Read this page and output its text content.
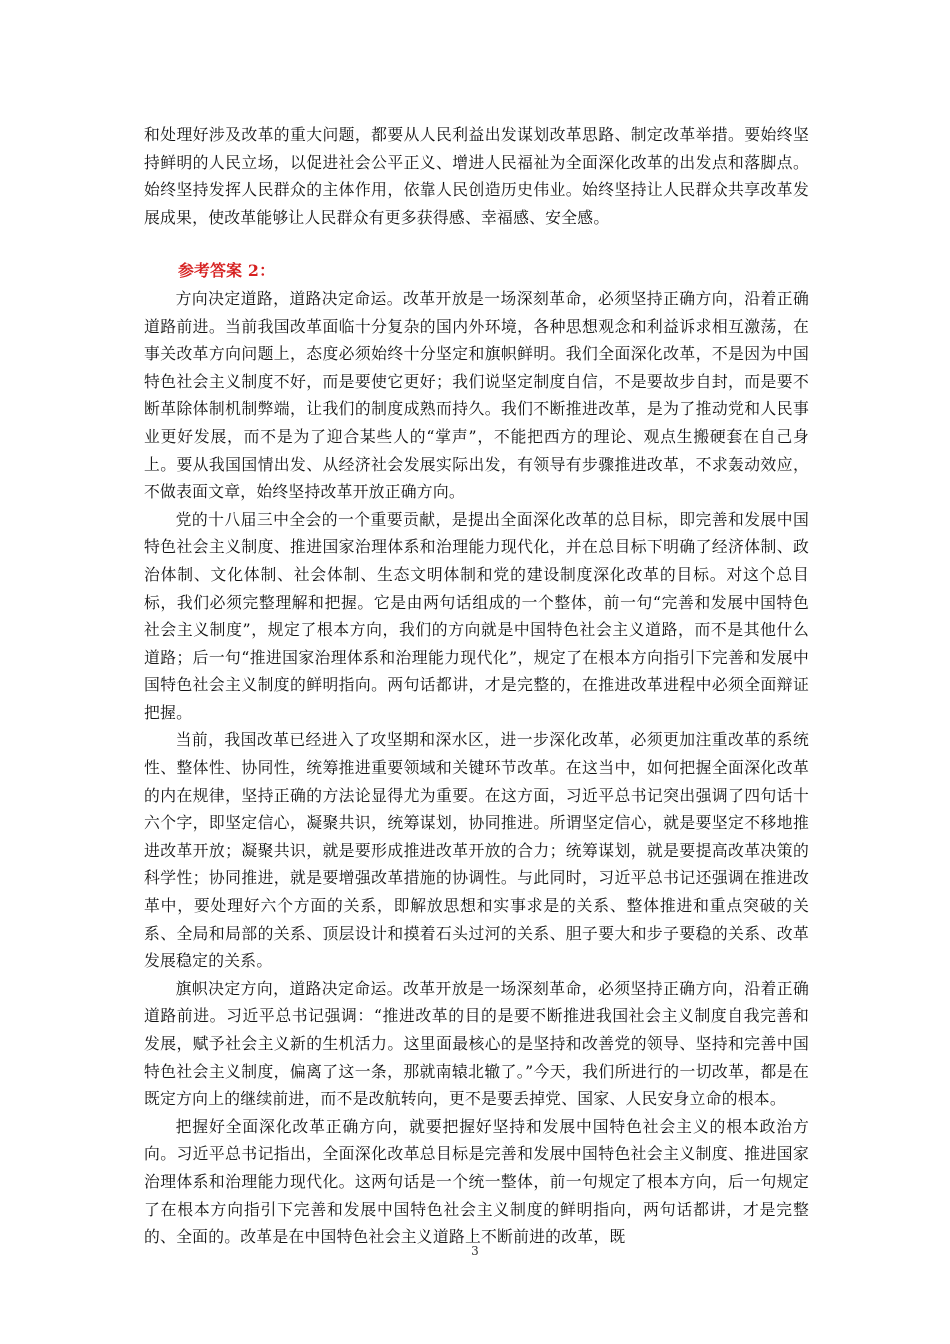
和处理好涉及改革的重大问题，都要从人民利益出发谋划改革思路、制定改革举措。要始终坚持鲜明的人民立场，以促进社会公平正义、增进人民福祉为全面深化改革的出发点和落脚点。始终坚持发挥人民群众的主体作用，依靠人民创造历史伟业。始终坚持让人民群众共享改革发展成果，使改革能够让人民群众有更多获得感、幸福感、安全感。

参考答案 2：

方向决定道路，道路决定命运。改革开放是一场深刻革命，必须坚持正确方向，沿着正确道路前进。当前我国改革面临十分复杂的国内外环境，各种思想观念和利益诉求相互激荡，在事关改革方向问题上，态度必须始终十分坚定和旗帜鲜明。我们全面深化改革，不是因为中国特色社会主义制度不好，而是要使它更好；我们说坚定制度自信，不是要故步自封，而是要不断革除体制机制弊端，让我们的制度成熟而持久。我们不断推进改革，是为了推动党和人民事业更好发展，而不是为了迎合某些人的“掌声”，不能把西方的理论、观点生搬硬套在自己身上。要从我国国情出发、从经济社会发展实际出发，有领导有步骤推进改革，不求轰动效应，不做表面文章，始终坚持改革开放正确方向。

党的十八届三中全会的一个重要贡献，是提出全面深化改革的总目标，即完善和发展中国特色社会主义制度、推进国家治理体系和治理能力现代化，并在总目标下明确了经济体制、政治体制、文化体制、社会体制、生态文明体制和党的建设制度深化改革的目标。对这个总目标，我们必须完整理解和把握。它是由两句话组成的一个整体，前一句“完善和发展中国特色社会主义制度”，规定了根本方向，我们的方向就是中国特色社会主义道路，而不是其他什么道路；后一句“推进国家治理体系和治理能力现代化”，规定了在根本方向指引下完善和发展中国特色社会主义制度的鲜明指向。两句话都讲，才是完整的，在推进改革进程中必须全面辩证把握。

当前，我国改革已经进入了攻坚期和深水区，进一步深化改革，必须更加注重改革的系统性、整体性、协同性，统筹推进重要领域和关键环节改革。在这当中，如何把握全面深化改革的内在规律，坚持正确的方法论显得尤为重要。在这方面，习近平总书记突出强调了四句话十六个字，即坚定信心，凝聚共识，统筹谋划，协同推进。所谓坚定信心，就是要坚定不移地推进改革开放；凝聚共识，就是要形成推进改革开放的合力；统筹谋划，就是要提高改革决策的科学性；协同推进，就是要增强改革措施的协调性。与此同时，习近平总书记还强调在推进改革中，要处理好六个方面的关系，即解放思想和实事求是的关系、整体推进和重点突破的关系、全局和局部的关系、顶层设计和摸着石头过河的关系、胆子要大和步子要稳的关系、改革发展稳定的关系。

旗帜决定方向，道路决定命运。改革开放是一场深刻革命，必须坚持正确方向，沿着正确道路前进。习近平总书记强调：“推进改革的目的是要不断推进我国社会主义制度自我完善和发展，赋予社会主义新的生机活力。这里面最核心的是坚持和改善党的领导、坚持和完善中国特色社会主义制度，偏离了这一条，那就南辕北辙了。”今天，我们所进行的一切改革，都是在既定方向上的继续前进，而不是改航转向，更不是要丢掉党、国家、人民安身立命的根本。

把握好全面深化改革正确方向，就要把握好坚持和发展中国特色社会主义的根本政治方向。习近平总书记指出，全面深化改革总目标是完善和发展中国特色社会主义制度、推进国家治理体系和治理能力现代化。这两句话是一个统一整体，前一句规定了根本方向，后一句规定了在根本方向指引下完善和发展中国特色社会主义制度的鲜明指向，两句话都讲，才是完整的、全面的。改革是在中国特色社会主义道路上不断前进的改革，既

3
